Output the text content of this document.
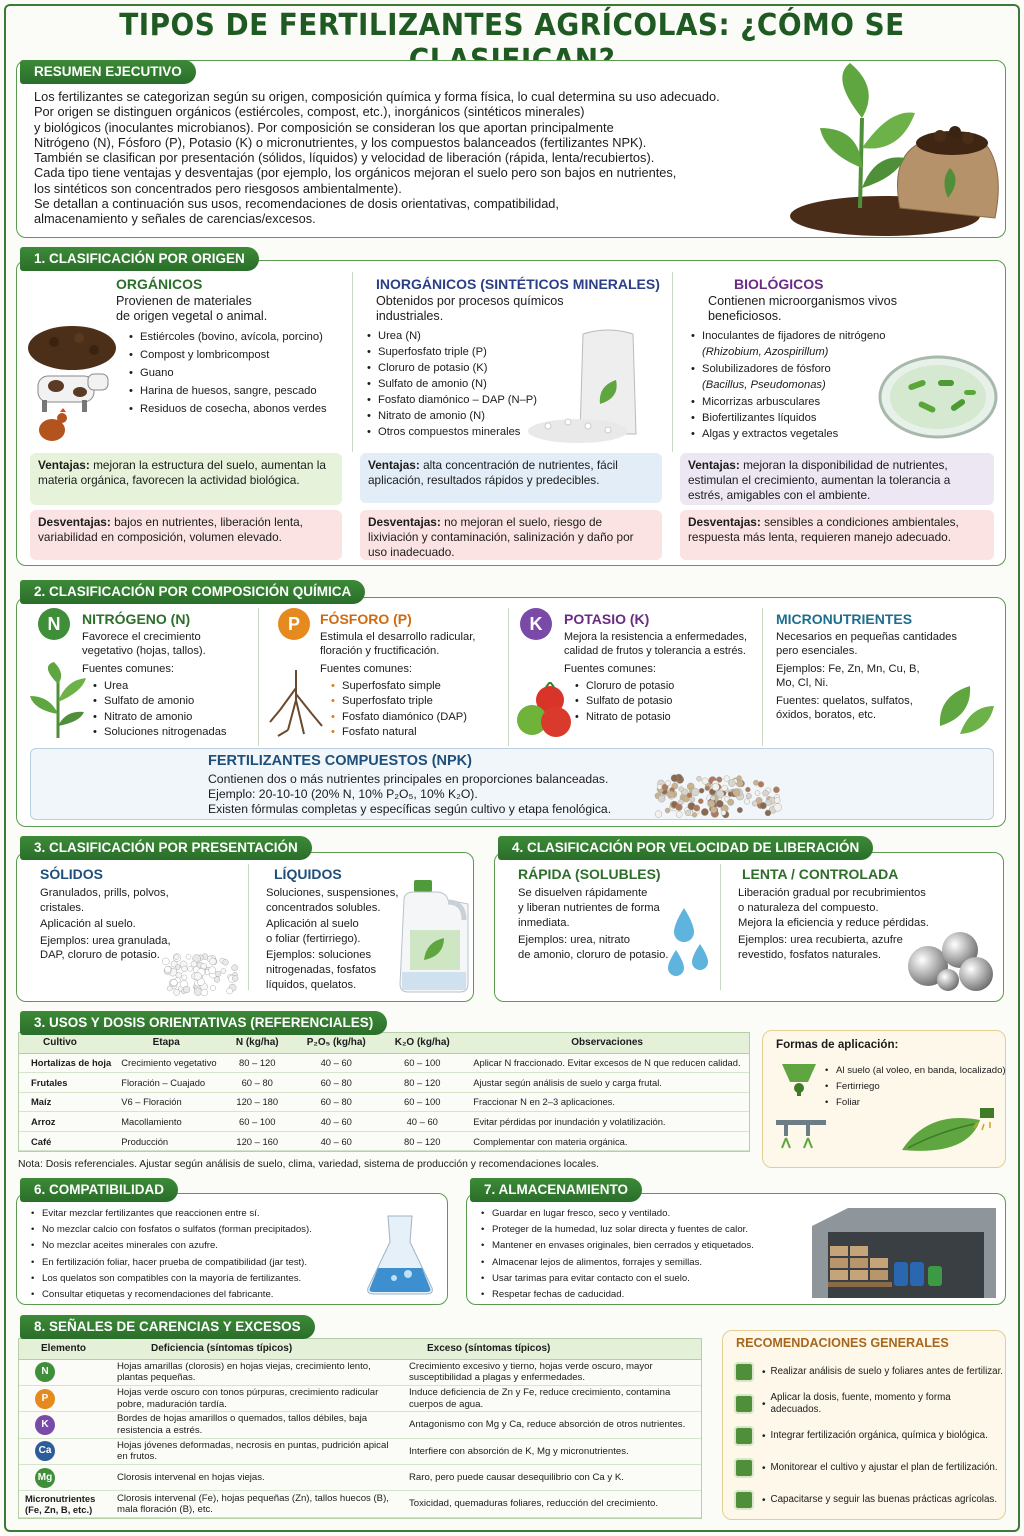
TIPOS DE FERTILIZANTES AGRÍCOLAS: ¿CÓMO SE
RESUMEN EJECUTIVO
Los fertilizantes se categorizan según su origen, composición química y forma física, lo cual determina su uso adecuado.
Por origen se distinguen orgánicos (estiércoles, compost, etc.), inorgánicos (sintéticos minerales)
y biológicos (inoculantes microbianos). Por composición se consideran los que aportan principalmente
Nitrógeno (N), Fósforo (P), Potasio (K) o micronutrientes, y los compuestos balanceados (fertilizantes NPK).
También se clasifican por presentación (sólidos, líquidos) y velocidad de liberación (rápida, lenta/recubiertos).
Cada tipo tiene ventajas y desventajas (por ejemplo, los orgánicos mejoran el suelo pero son bajos en nutrientes,
los sintéticos son concentrados pero riesgosos ambientalmente).
Se detallan a continuación sus usos, recomendaciones de dosis orientativas, compatibilidad,
almacenamiento y señales de carencias/excesos.
1. CLASIFICACIÓN POR ORIGEN
ORGÁNICOS
Provienen de materiales
de origen vegetal o animal.
• Estiércoles (bovino, avícola, porcino)
• Compost y lombricompost
• Guano
• Harina de huesos, sangre, pescado
• Residuos de cosecha, abonos verdes
Ventajas: mejoran la estructura del suelo, aumentan la materia orgánica, favorecen la actividad biológica.
Desventajas: bajos en nutrientes, liberación lenta, variabilidad en composición, volumen elevado.
INORGÁNICOS (SINTÉTICOS MINERALES)
Obtenidos por procesos químicos
industriales.
• Urea (N)
• Superfosfato triple (P)
• Cloruro de potasio (K)
• Sulfato de amonio (N)
• Fosfato diamónico – DAP (N–P)
• Nitrato de amonio (N)
• Otros compuestos minerales
Ventajas: alta concentración de nutrientes, fácil aplicación, resultados rápidos y predecibles.
Desventajas: no mejoran el suelo, riesgo de lixiviación y contaminación, salinización y daño por uso inadecuado.
BIOLÓGICOS
Contienen microorganismos vivos
beneficiosos.
• Inoculantes de fijadores de nitrógeno
(Rhizobium, Azospirillum)
• Solubilizadores de fósforo
(Bacillus, Pseudomonas)
• Micorrizas arbusculares
• Biofertilizantes líquidos
• Algas y extractos vegetales
Ventajas: mejoran la disponibilidad de nutrientes, estimulan el crecimiento, aumentan la tolerancia a estrés, amigables con el ambiente.
Desventajas: sensibles a condiciones ambientales, respuesta más lenta, requieren manejo adecuado.
2. CLASIFICACIÓN POR COMPOSICIÓN QUÍMICA
N	NITRÓGENO (N)
Favorece el crecimiento
vegetativo (hojas, tallos).
Fuentes comunes:
• Urea
• Sulfato de amonio
• Nitrato de amonio
• Soluciones nitrogenadas
P	FÓSFORO (P)
Estimula el desarrollo radicular,
floración y fructificación.
Fuentes comunes:
• Superfosfato simple
• Superfosfato triple
• Fosfato diamónico (DAP)
• Fosfato natural
K	POTASIO (K)
Mejora la resistencia a enfermedades,
calidad de frutos y tolerancia a estrés.
Fuentes comunes:
• Cloruro de potasio
• Sulfato de potasio
• Nitrato de potasio
MICRONUTRIENTES
Necesarios en pequeñas cantidades
pero esenciales.
Ejemplos: Fe, Zn, Mn, Cu, B,
Mo, Cl, Ni.
Fuentes: quelatos, sulfatos,
óxidos, boratos, etc.
FERTILIZANTES COMPUESTOS (NPK)
Contienen dos o más nutrientes principales en proporciones balanceadas.
Ejemplo: 20-10-10 (20% N, 10% P₂O₅, 10% K₂O).
Existen fórmulas completas y específicas según cultivo y etapa fenológica.
3. CLASIFICACIÓN POR PRESENTACIÓN
SÓLIDOS
Granulados, prills, polvos,
cristales.
Aplicación al suelo.
Ejemplos: urea granulada,
DAP, cloruro de potasio.
LÍQUIDOS
Soluciones, suspensiones,
concentrados solubles.
Aplicación al suelo
o foliar (fertirriego).
Ejemplos: soluciones
nitrogenadas, fosfatos
líquidos, quelatos.
4. CLASIFICACIÓN POR VELOCIDAD DE LIBERACIÓN
RÁPIDA (SOLUBLES)
Se disuelven rápidamente
y liberan nutrientes de forma
inmediata.
Ejemplos: urea, nitrato
de amonio, cloruro de potasio.
LENTA / CONTROLADA
Liberación gradual por recubrimientos
o naturaleza del compuesto.
Mejora la eficiencia y reduce pérdidas.
Ejemplos: urea recubierta, azufre
revestido, fosfatos naturales.
3. USOS Y DOSIS ORIENTATIVAS (REFERENCIALES)
Cultivo	Etapa	N (kg/ha)	P₂O₅ (kg/ha)	K₂O (kg/ha)	Observaciones
Hortalizas de hoja	Crecimiento vegetativo	80 – 120	40 – 60	60 – 100	Aplicar N fraccionado. Evitar excesos de N que reducen calidad.
Frutales	Floración – Cuajado	60 – 80	60 – 80	80 – 120	Ajustar según análisis de suelo y carga frutal.
Maíz	V6 – Floración	120 – 180	60 – 80	60 – 100	Fraccionar N en 2–3 aplicaciones.
Arroz	Macollamiento	60 – 100	40 – 60	40 – 60	Evitar pérdidas por inundación y volatilización.
Café	Producción	120 – 160	40 – 60	80 – 120	Complementar con materia orgánica.
Nota: Dosis referenciales. Ajustar según análisis de suelo, clima, variedad, sistema de producción y recomendaciones locales.
Formas de aplicación:
• Al suelo (al voleo, en banda, localizado)
• Fertirriego
• Foliar
6. COMPATIBILIDAD
• Evitar mezclar fertilizantes que reaccionen entre sí.
• No mezclar calcio con fosfatos o sulfatos (forman precipitados).
• No mezclar aceites minerales con azufre.
• En fertilización foliar, hacer prueba de compatibilidad (jar test).
• Los quelatos son compatibles con la mayoría de fertilizantes.
• Consultar etiquetas y recomendaciones del fabricante.
7. ALMACENAMIENTO
• Guardar en lugar fresco, seco y ventilado.
• Proteger de la humedad, luz solar directa y fuentes de calor.
• Mantener en envases originales, bien cerrados y etiquetados.
• Almacenar lejos de alimentos, forrajes y semillas.
• Usar tarimas para evitar contacto con el suelo.
• Respetar fechas de caducidad.
8. SEÑALES DE CARENCIAS Y EXCESOS
Elemento	Deficiencia (síntomas típicos)	Exceso (síntomas típicos)
N	Hojas amarillas (clorosis) en hojas viejas, crecimiento lento, plantas pequeñas.	Crecimiento excesivo y tierno, hojas verde oscuro, mayor susceptibilidad a plagas y enfermedades.
P	Hojas verde oscuro con tonos púrpuras, crecimiento radicular pobre, maduración tardía.	Induce deficiencia de Zn y Fe, reduce crecimiento, contamina cuerpos de agua.
K	Bordes de hojas amarillos o quemados, tallos débiles, baja resistencia a estrés.	Antagonismo con Mg y Ca, reduce absorción de otros nutrientes.
Ca	Hojas jóvenes deformadas, necrosis en puntas, pudrición apical en frutos.	Interfiere con absorción de K, Mg y micronutrientes.
Mg	Clorosis intervenal en hojas viejas.	Raro, pero puede causar desequilibrio con Ca y K.

Micronutrientes (Fe, Zn, B, etc.)	Clorosis intervenal (Fe), hojas pequeñas (Zn), tallos huecos (B), mala floración (B), etc.	Toxicidad, quemaduras foliares, reducción del crecimiento.
RECOMENDACIONES GENERALES
• Realizar análisis de suelo y foliares antes de fertilizar.
•
Aplicar la dosis, fuente, momento y forma adecuados.
• Integrar fertilización orgánica, química y biológica.
• Monitorear el cultivo y ajustar el plan de fertilización.
• Capacitarse y seguir las buenas prácticas agrícolas.
